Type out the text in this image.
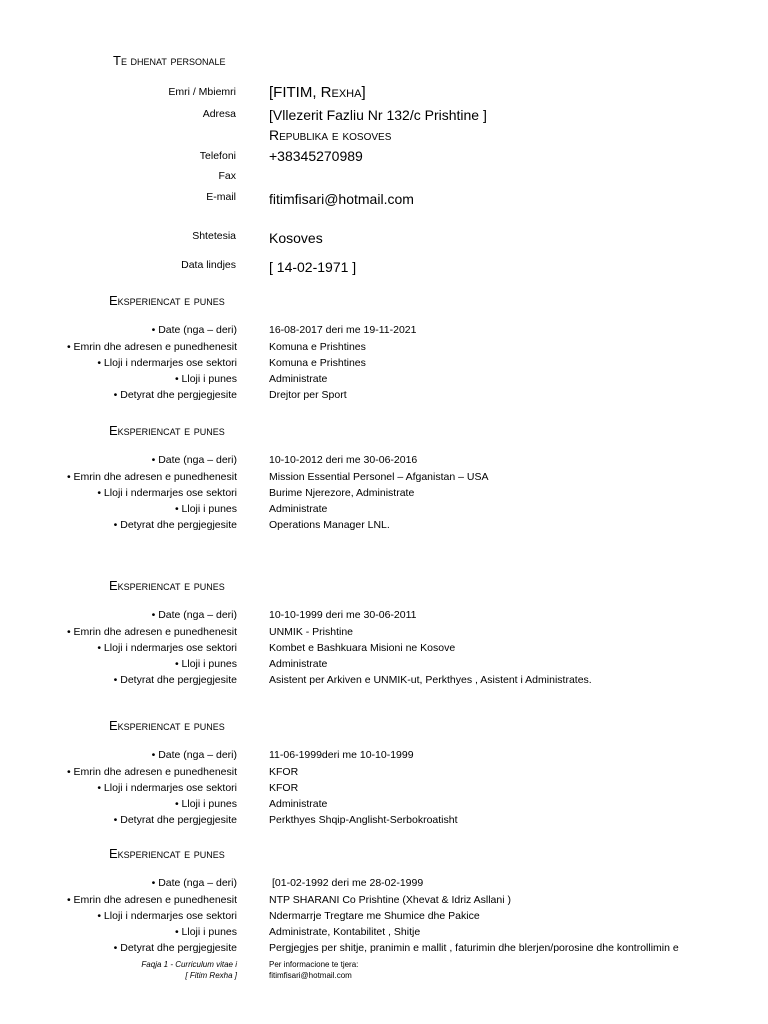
Te dhenat personale
Emri / Mbiemri [FITIM, Rexha]
Adresa [Vllezerit Fazliu Nr 132/c Prishtine ]
Republika e kosoves
Telefoni +38345270989
Fax
E-mail fitimfisari@hotmail.com
Shtetesia Kosoves
Data lindjes [ 14-02-1971 ]
Eksperiencat e punes
• Date (nga – deri)	16-08-2017 deri me 19-11-2021
• Emrin dhe adresen e punedhenesit	Komuna e Prishtines
• Lloji i ndermarjes ose sektori	Komuna e Prishtines
• Lloji i punes	Administrate
• Detyrat dhe pergjegjesite	Drejtor per Sport
Eksperiencat e punes
• Date (nga – deri)	10-10-2012 deri me 30-06-2016
• Emrin dhe adresen e punedhenesit	Mission Essential Personel – Afganistan – USA
• Lloji i ndermarjes ose sektori	Burime Njerezore, Administrate
• Lloji i punes	Administrate
• Detyrat dhe pergjegjesite	Operations Manager LNL.
Eksperiencat e punes
• Date (nga – deri)	10-10-1999 deri me 30-06-2011
• Emrin dhe adresen e punedhenesit	UNMIK - Prishtine
• Lloji i ndermarjes ose sektori	Kombet e Bashkuara Misioni ne Kosove
• Lloji i punes	Administrate
• Detyrat dhe pergjegjesite	Asistent per Arkiven e UNMIK-ut, Perkthyes , Asistent i Administrates.
Eksperiencat e punes
• Date (nga – deri)	11-06-1999deri me 10-10-1999
• Emrin dhe adresen e punedhenesit	KFOR
• Lloji i ndermarjes ose sektori	KFOR
• Lloji i punes	Administrate
• Detyrat dhe pergjegjesite	Perkthyes Shqip-Anglisht-Serbokroatisht
Eksperiencat e punes
• Date (nga – deri)	[01-02-1992 deri me 28-02-1999
• Emrin dhe adresen e punedhenesit	NTP SHARANI Co Prishtine (Xhevat & Idriz Asllani )
• Lloji i ndermarjes ose sektori	Ndermarrje Tregtare me Shumice dhe Pakice
• Lloji i punes	Administrate, Kontabilitet , Shitje
• Detyrat dhe pergjegjesite	Pergjegjes per shitje, pranimin e mallit , faturimin dhe blerjen/porosine dhe kontrollimin e
Faqja 1 - Curriculum vitae i
[ Fitim Rexha ]
Per informacione te tjera:
fitimfisari@hotmail.com
